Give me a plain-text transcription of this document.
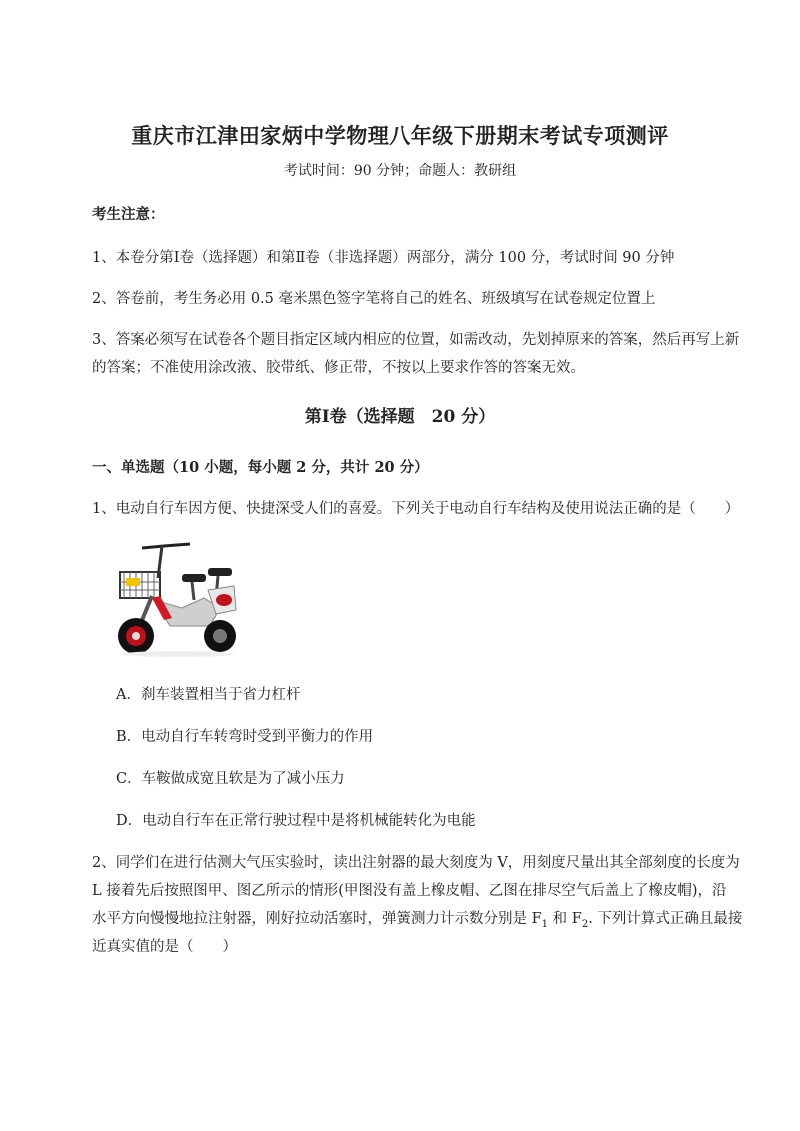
重庆市江津田家炳中学物理八年级下册期末考试专项测评
考试时间：90 分钟；命题人：教研组
考生注意：
1、本卷分第Ⅰ卷（选择题）和第Ⅱ卷（非选择题）两部分，满分 100 分，考试时间 90 分钟
2、答卷前，考生务必用 0.5 毫米黑色签字笔将自己的姓名、班级填写在试卷规定位置上
3、答案必须写在试卷各个题目指定区域内相应的位置，如需改动，先划掉原来的答案，然后再写上新
的答案；不准使用涂改液、胶带纸、修正带，不按以上要求作答的答案无效。
第Ⅰ卷（选择题　20 分）
一、单选题（10 小题，每小题 2 分，共计 20 分）
1、电动自行车因方便、快捷深受人们的喜爱。下列关于电动自行车结构及使用说法正确的是（　　）
A．刹车装置相当于省力杠杆
B．电动自行车转弯时受到平衡力的作用
C．车鞍做成宽且软是为了减小压力
D．电动自行车在正常行驶过程中是将机械能转化为电能
2、同学们在进行估测大气压实验时，读出注射器的最大刻度为 V，用刻度尺量出其全部刻度的长度为
L 接着先后按照图甲、图乙所示的情形(甲图没有盖上橡皮帽、乙图在排尽空气后盖上了橡皮帽)，沿
水平方向慢慢地拉注射器，刚好拉动活塞时，弹簧测力计示数分别是 $F_1$ 和 $F_2$. 下列计算式正确且最接
近真实值的是（　　）
